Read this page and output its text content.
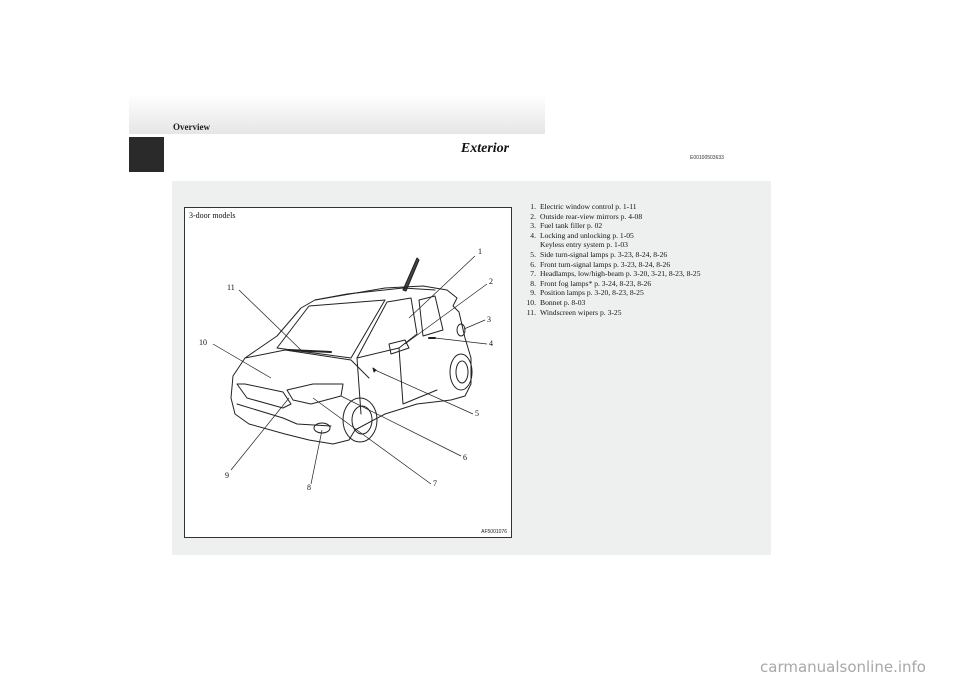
Overview
Exterior
E00100503633
3-door models
1
2
3
4
5
6
7
8
9
10
11
AF5001076
1. Electric window control p. 1-11
2. Outside rear-view mirrors p. 4-08
3. Fuel tank filler p. 02
4. Locking and unlocking p. 1-05
Keyless entry system p. 1-03
5. Side turn-signal lamps p. 3-23, 8-24, 8-26
6. Front turn-signal lamps p. 3-23, 8-24, 8-26
7. Headlamps, low/high-beam p. 3-20, 3-21, 8-23, 8-25
8. Front fog lamps* p. 3-24, 8-23, 8-26
9. Position lamps p. 3-20, 8-23, 8-25
10. Bonnet p. 8-03
11. Windscreen wipers p. 3-25
carmanualsonline.info
